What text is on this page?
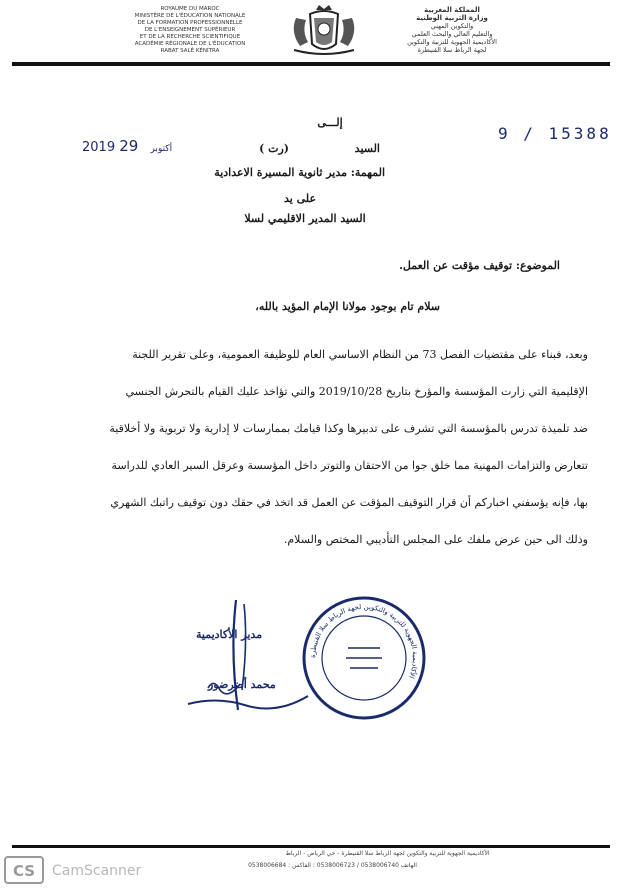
ROYAUME DU MAROC
MINISTÈRE DE L'ÉDUCATION NATIONALE
DE LA FORMATION PROFESSIONNELLE
DE L'ENSEIGNEMENT SUPÉRIEUR
ET DE LA RECHERCHE SCIENTIFIQUE
ACADÉMIE RÉGIONALE DE L'ÉDUCATION
RABAT SALÉ KÉNITRA
المملكة المغربية
وزارة التربية الوطنية
والتكوين المهني
والتعليم العالي والبحث العلمي
الأكاديمية الجهوية للتربية والتكوين
لجهة الرباط سلا القنيطرة
9 / 15388
2019	أكتوبر 29
إلـــى
السيد  (رت )
المهمة: مدير ثانوية المسيرة الاعدادية
على يد
السيد المدير الاقليمي لسلا
الموضوع: توقيف مؤقت عن العمل.
سلام تام بوجود مولانا الإمام المؤيد بالله،

وبعد، فبناء على مقتضيات الفصل 73 من النظام الاساسي العام للوظيفة العمومية، وعلى تقرير اللجنة

الإقليمية التي زارت المؤسسة والمؤرخ بتاريخ 2019/10/28 والتي تؤاخذ عليك القيام بالتحرش الجنسي

ضد تلميذة تدرس بالمؤسسة التي تشرف على تدبيرها وكذا قيامك بممارسات لا إدارية ولا تربوية ولا أخلاقية

تتعارض والتزامات المهنية مما خلق جوا من الاحتقان والتوتر داخل المؤسسة وعرقل السير العادي للدراسة

بها، فإنه يؤسفني اخباركم أن قرار التوقيف المؤقت عن العمل قد اتخذ في حقك دون توقيف راتبك الشهري

وذلك الى حين عرض ملفك على المجلس التأديبي المختص والسلام.

مدير الأكاديمية
محمد أضرضور
الأكاديمية الجهوية للتربية والتكوين لجهة الرباط سلا القنيطرة
الأكاديمية الجهوية للتربية والتكوين لجهة الرباط سلا القنيطرة - حي الرياض - الرباط
0538006684 : الهاتف 0538006740 / 0538006723 : الفاكس
CS CamScanner
